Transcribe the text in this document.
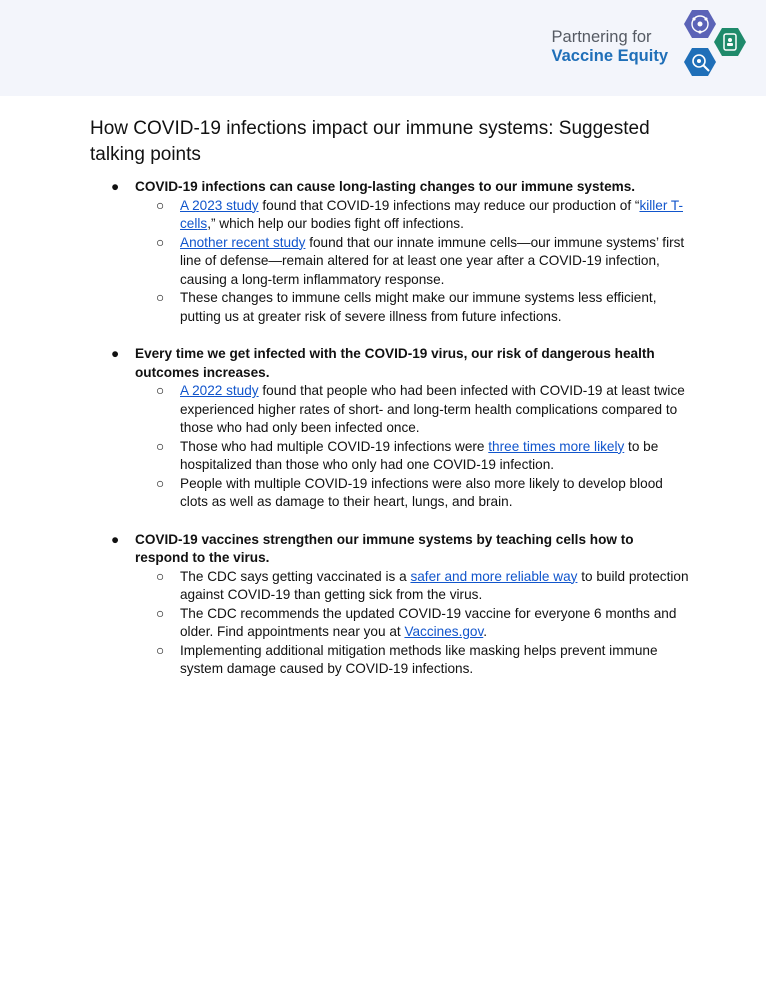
Partnering for
Vaccine Equity
How COVID-19 infections impact our immune systems: Suggested talking points
● COVID-19 infections can cause long-lasting changes to our immune systems.
○ A 2023 study found that COVID-19 infections may reduce our production of “killer T-cells,” which help our bodies fight off infections.
○ Another recent study found that our innate immune cells—our immune systems’ first line of defense—remain altered for at least one year after a COVID-19 infection, causing a long-term inflammatory response.
○ These changes to immune cells might make our immune systems less efficient, putting us at greater risk of severe illness from future infections.
● Every time we get infected with the COVID-19 virus, our risk of dangerous health outcomes increases.
○ A 2022 study found that people who had been infected with COVID-19 at least twice experienced higher rates of short- and long-term health complications compared to those who had only been infected once.
○ Those who had multiple COVID-19 infections were three times more likely to be hospitalized than those who only had one COVID-19 infection.
○ People with multiple COVID-19 infections were also more likely to develop blood clots as well as damage to their heart, lungs, and brain.
● COVID-19 vaccines strengthen our immune systems by teaching cells how to respond to the virus.
○ The CDC says getting vaccinated is a safer and more reliable way to build protection against COVID-19 than getting sick from the virus.
○ The CDC recommends the updated COVID-19 vaccine for everyone 6 months and older. Find appointments near you at Vaccines.gov.
○ Implementing additional mitigation methods like masking helps prevent immune system damage caused by COVID-19 infections.
